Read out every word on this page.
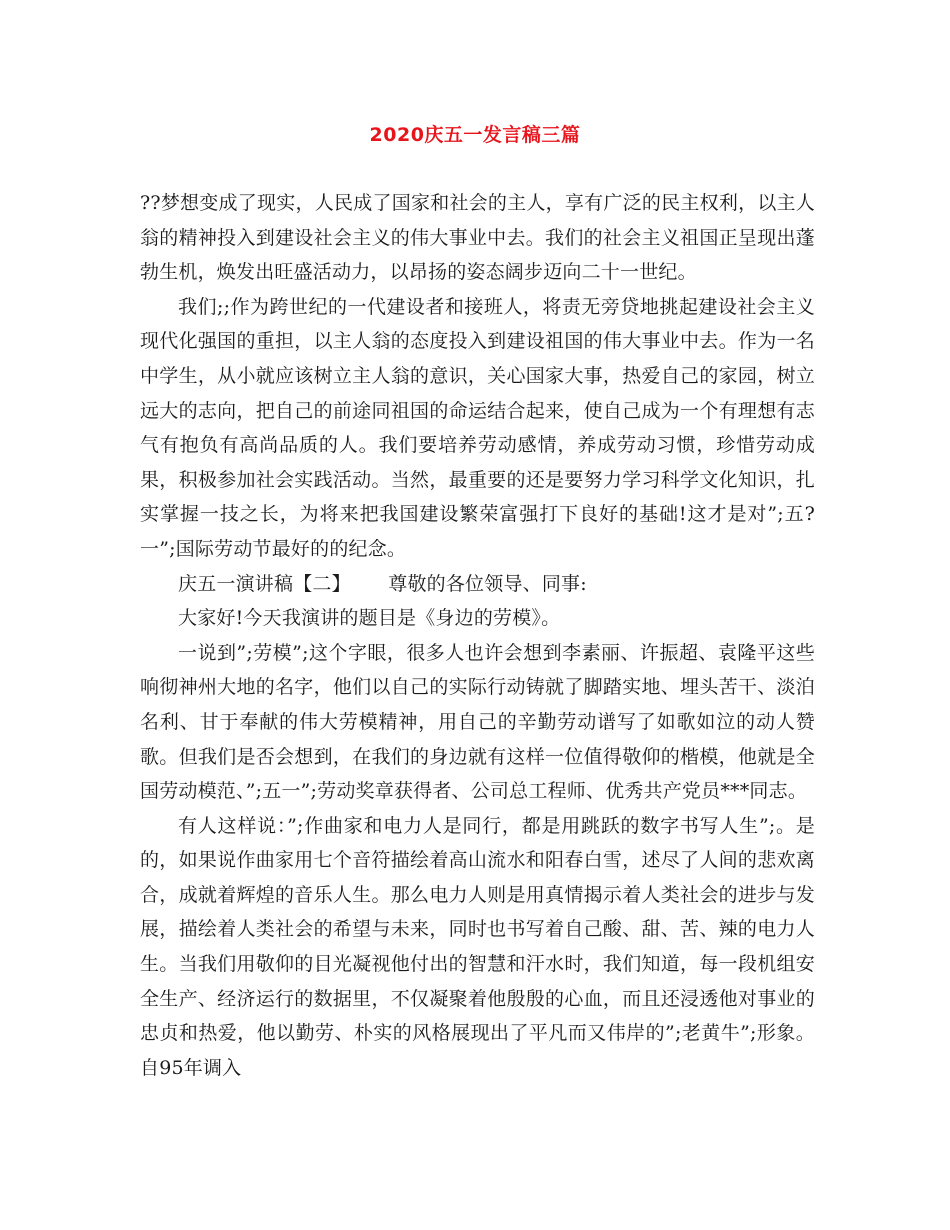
2020庆五一发言稿三篇

??梦想变成了现实，人民成了国家和社会的主人，享有广泛的民主权利，以主人翁的精神投入到建设社会主义的伟大事业中去。我们的社会主义祖国正呈现出蓬勃生机，焕发出旺盛活动力，以昂扬的姿态阔步迈向二十一世纪。

我们;;作为跨世纪的一代建设者和接班人，将责无旁贷地挑起建设社会主义现代化强国的重担，以主人翁的态度投入到建设祖国的伟大事业中去。作为一名中学生，从小就应该树立主人翁的意识，关心国家大事，热爱自己的家园，树立远大的志向，把自己的前途同祖国的命运结合起来，使自己成为一个有理想有志气有抱负有高尚品质的人。我们要培养劳动感情，养成劳动习惯，珍惜劳动成果，积极参加社会实践活动。当然，最重要的还是要努力学习科学文化知识，扎实掌握一技之长，为将来把我国建设繁荣富强打下良好的基础!这才是对”;五?一”;国际劳动节最好的的纪念。

庆五一演讲稿【二】      尊敬的各位领导、同事:

大家好!今天我演讲的题目是《身边的劳模》。

一说到”;劳模”;这个字眼，很多人也许会想到李素丽、许振超、袁隆平这些响彻神州大地的名字，他们以自己的实际行动铸就了脚踏实地、埋头苦干、淡泊名利、甘于奉献的伟大劳模精神，用自己的辛勤劳动谱写了如歌如泣的动人赞歌。但我们是否会想到，在我们的身边就有这样一位值得敬仰的楷模，他就是全国劳动模范、”;五一”;劳动奖章获得者、公司总工程师、优秀共产党员***同志。

有人这样说：”;作曲家和电力人是同行，都是用跳跃的数字书写人生”;。是的，如果说作曲家用七个音符描绘着高山流水和阳春白雪，述尽了人间的悲欢离合，成就着辉煌的音乐人生。那么电力人则是用真情揭示着人类社会的进步与发展，描绘着人类社会的希望与未来，同时也书写着自己酸、甜、苦、辣的电力人生。当我们用敬仰的目光凝视他付出的智慧和汗水时，我们知道，每一段机组安全生产、经济运行的数据里，不仅凝聚着他殷殷的心血，而且还浸透他对事业的忠贞和热爱，他以勤劳、朴实的风格展现出了平凡而又伟岸的”;老黄牛”;形象。自95年调入
